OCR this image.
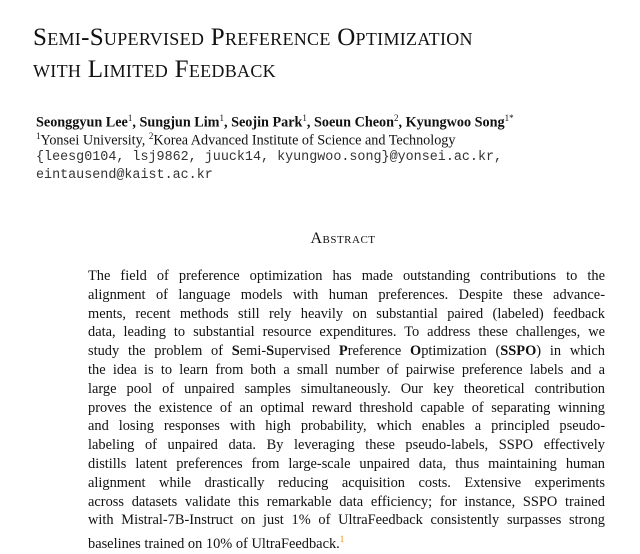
Semi-Supervised Preference Optimization
with Limited Feedback
Seonggyun Lee$^1$, Sungjun Lim$^1$, Seojin Park$^1$, Soeun Cheon$^2$, Kyungwoo Song$^{1*}$
$^1$Yonsei University, $^2$Korea Advanced Institute of Science and Technology
{leesg0104, lsj9862, juuck14, kyungwoo.song}@yonsei.ac.kr,
eintausend@kaist.ac.kr
Abstract
The field of preference optimization has made outstanding contributions to the
alignment of language models with human preferences. Despite these advance-
ments, recent methods still rely heavily on substantial paired (labeled) feedback
data, leading to substantial resource expenditures. To address these challenges, we
study the problem of Semi-Supervised Preference Optimization (SSPO) in which
the idea is to learn from both a small number of pairwise preference labels and a
large pool of unpaired samples simultaneously. Our key theoretical contribution
proves the existence of an optimal reward threshold capable of separating winning
and losing responses with high probability, which enables a principled pseudo-
labeling of unpaired data. By leveraging these pseudo-labels, SSPO effectively
distills latent preferences from large-scale unpaired data, thus maintaining human
alignment while drastically reducing acquisition costs. Extensive experiments
across datasets validate this remarkable data efficiency; for instance, SSPO trained
with Mistral-7B-Instruct on just 1% of UltraFeedback consistently surpasses strong
baselines trained on 10% of UltraFeedback.$^1$
